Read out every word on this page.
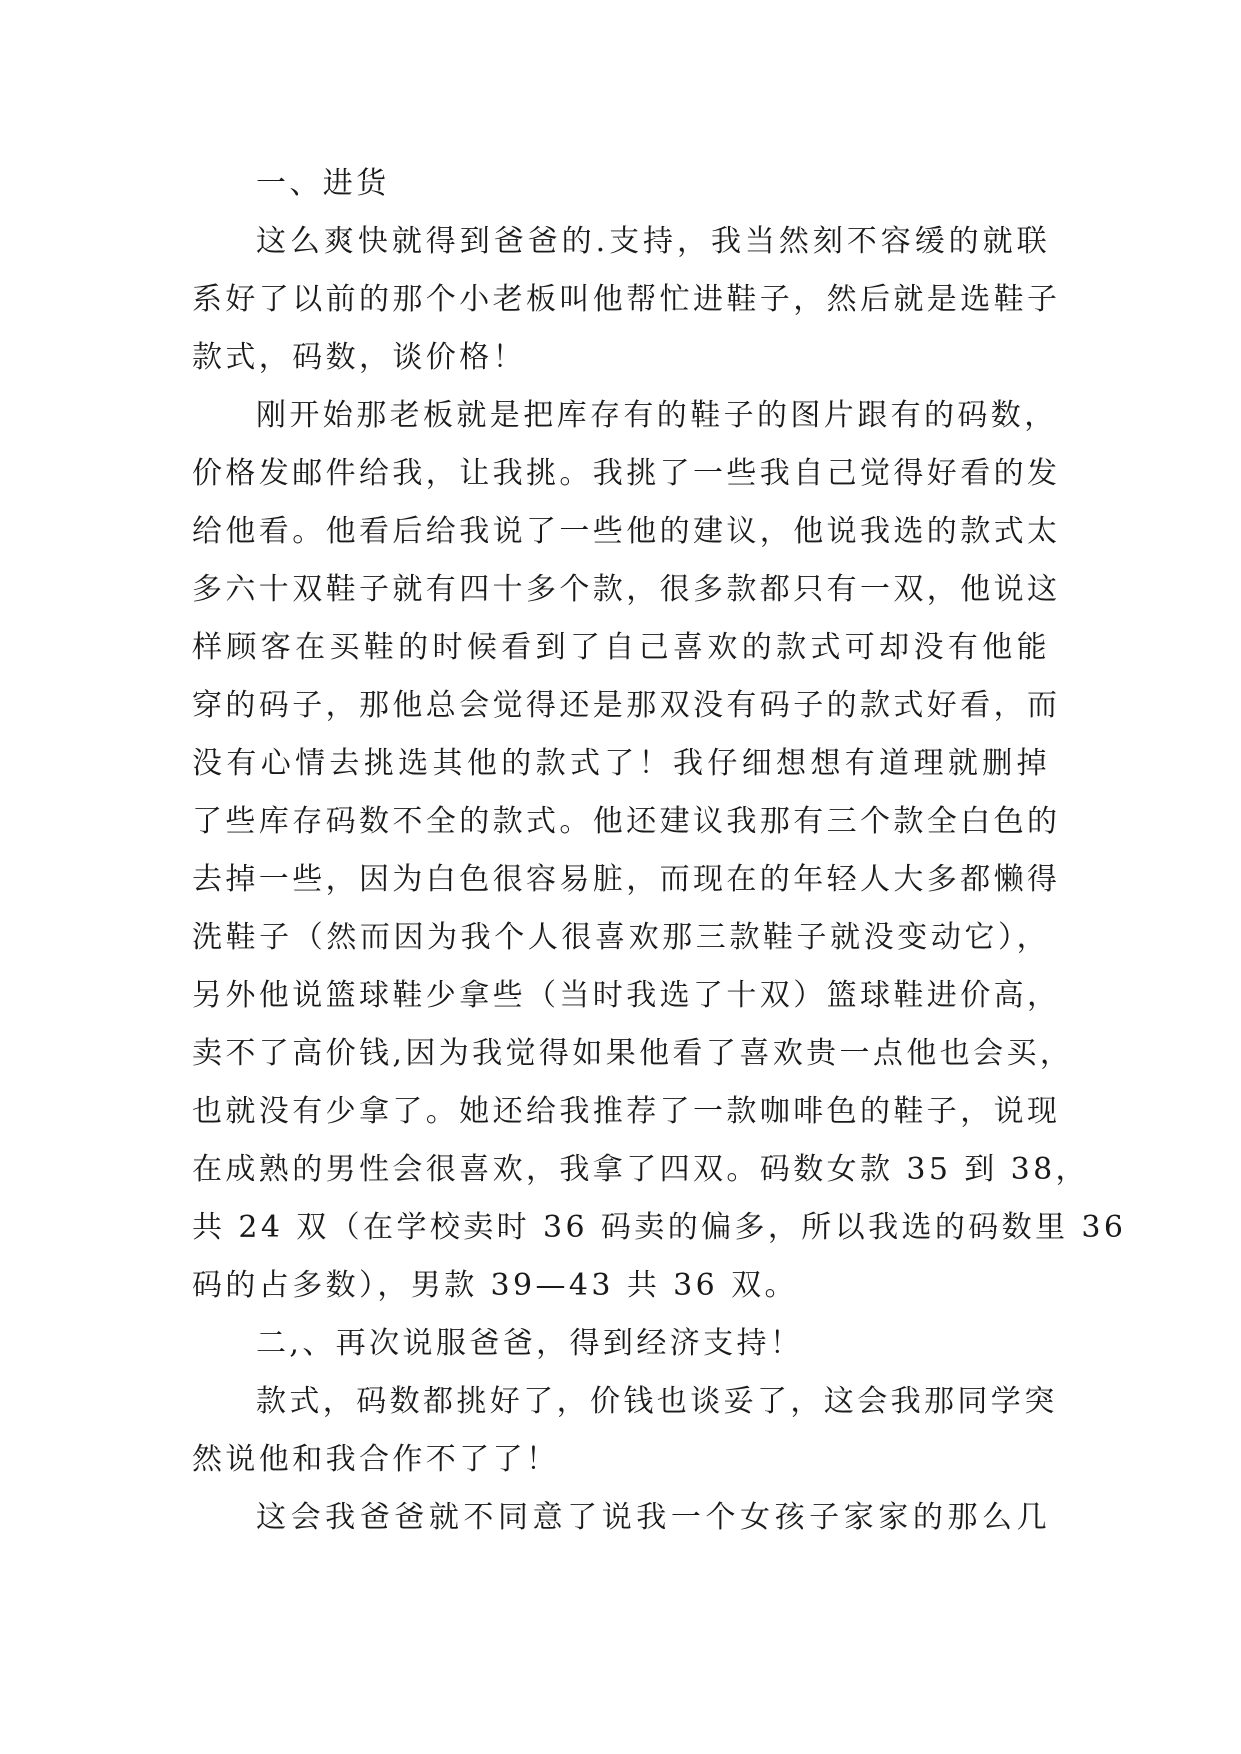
一、进货
这么爽快就得到爸爸的.支持，我当然刻不容缓的就联
系好了以前的那个小老板叫他帮忙进鞋子，然后就是选鞋子
款式，码数，谈价格！
刚开始那老板就是把库存有的鞋子的图片跟有的码数，
价格发邮件给我，让我挑。我挑了一些我自己觉得好看的发
给他看。他看后给我说了一些他的建议，他说我选的款式太
多六十双鞋子就有四十多个款，很多款都只有一双，他说这
样顾客在买鞋的时候看到了自己喜欢的款式可却没有他能
穿的码子，那他总会觉得还是那双没有码子的款式好看，而
没有心情去挑选其他的款式了！我仔细想想有道理就删掉
了些库存码数不全的款式。他还建议我那有三个款全白色的
去掉一些，因为白色很容易脏，而现在的年轻人大多都懒得
洗鞋子（然而因为我个人很喜欢那三款鞋子就没变动它），
另外他说篮球鞋少拿些（当时我选了十双）篮球鞋进价高，
卖不了高价钱,因为我觉得如果他看了喜欢贵一点他也会买，
也就没有少拿了。她还给我推荐了一款咖啡色的鞋子，说现
在成熟的男性会很喜欢，我拿了四双。码数女款 35 到 38，
共 24 双（在学校卖时 36 码卖的偏多，所以我选的码数里 36
码的占多数），男款 39—43 共 36 双。
二,、再次说服爸爸，得到经济支持！
款式，码数都挑好了，价钱也谈妥了，这会我那同学突
然说他和我合作不了了！
这会我爸爸就不同意了说我一个女孩子家家的那么几
